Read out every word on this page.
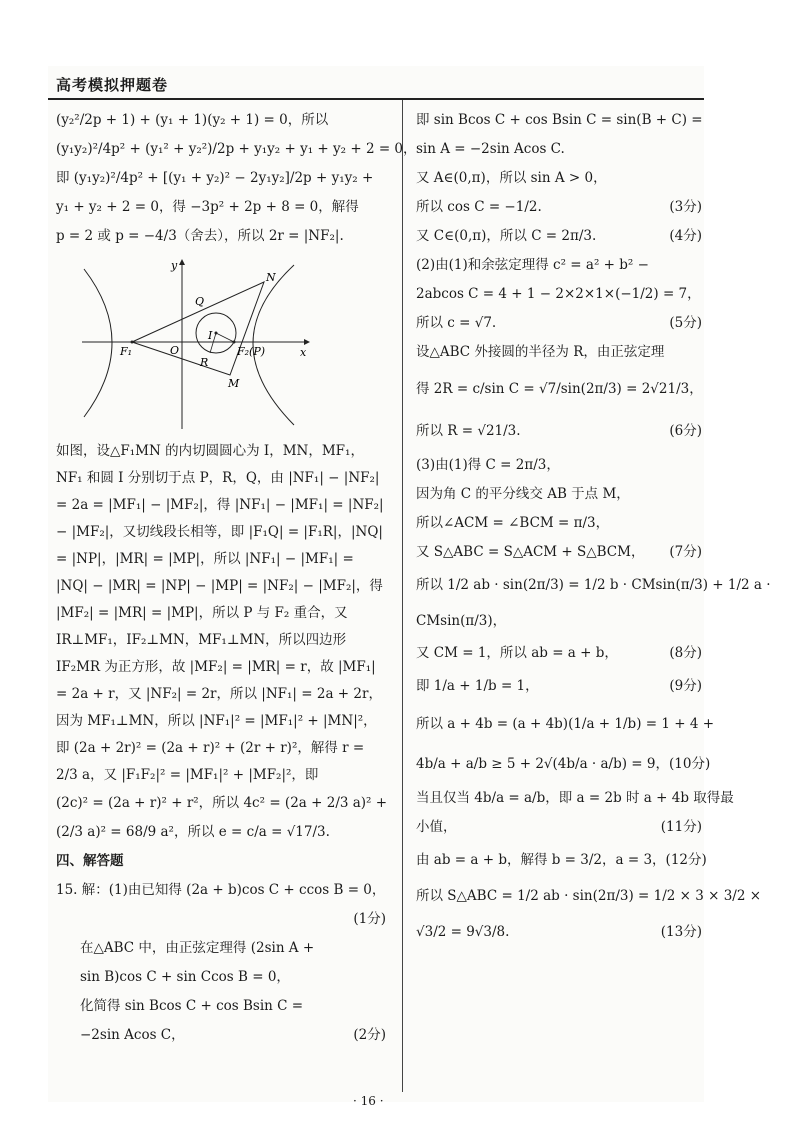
高考模拟押题卷
(y₂²/2p + 1) + (y₁ + 1)(y₂ + 1) = 0，所以
(y₁y₂)²/4p² + (y₁² + y₂²)/2p + y₁y₂ + y₁ + y₂ + 2 = 0，
即 (y₁y₂)²/4p² + [(y₁ + y₂)² − 2y₁y₂]/2p + y₁y₂ +
y₁ + y₂ + 2 = 0，得 −3p² + 2p + 8 = 0，解得
p = 2 或 p = −4/3（舍去），所以 2r = |NF₂|.
y
x
O
I
F₁	F₂(P)
Q
N
R
M
如图，设△F₁MN 的内切圆圆心为 I，MN，MF₁，NF₁ 和圆 I 分别切于点 P，R，Q，由 |NF₁| − |NF₂| = 2a = |MF₁| − |MF₂|，得 |NF₁| − |MF₁| = |NF₂| − |MF₂|，又切线段长相等，即 |F₁Q| = |F₁R|，|NQ| = |NP|，|MR| = |MP|，所以 |NF₁| − |MF₁| = |NQ| − |MR| = |NP| − |MP| = |NF₂| − |MF₂|，得 |MF₂| = |MR| = |MP|，所以 P 与 F₂ 重合，又 IR⊥MF₁，IF₂⊥MN，MF₁⊥MN，所以四边形 IF₂MR 为正方形，故 |MF₂| = |MR| = r，故 |MF₁| = 2a + r，又 |NF₂| = 2r，所以 |NF₁| = 2a + 2r，因为 MF₁⊥MN，所以 |NF₁|² = |MF₁|² + |MN|²，即 (2a + 2r)² = (2a + r)² + (2r + r)²，解得 r = 2/3 a，又 |F₁F₂|² = |MF₁|² + |MF₂|²，即
(2c)² = (2a + r)² + r²，所以 4c² = (2a + 2/3 a)² +
(2/3 a)² = 68/9 a²，所以 e = c/a = √17/3.
四、解答题
15. 解：(1)由已知得 (2a + b)cos C + ccos B = 0，
(1分)
在△ABC 中，由正弦定理得 (2sin A +
sin B)cos C + sin Ccos B = 0，
化简得 sin Bcos C + cos Bsin C =
−2sin Acos C，	(2分)
即 sin Bcos C + cos Bsin C = sin(B + C) =
sin A = −2sin Acos C.
又 A∈(0,π)，所以 sin A > 0，
所以 cos C = −1/2.	(3分)
又 C∈(0,π)，所以 C = 2π/3.	(4分)
(2)由(1)和余弦定理得 c² = a² + b² −
2abcos C = 4 + 1 − 2×2×1×(−1/2) = 7，
所以 c = √7.	(5分)
设△ABC 外接圆的半径为 R，由正弦定理
得 2R = c/sin C = √7/sin(2π/3) = 2√21/3，
所以 R = √21/3.	(6分)
(3)由(1)得 C = 2π/3，
因为角 C 的平分线交 AB 于点 M，
所以∠ACM = ∠BCM = π/3，
又 S△ABC = S△ACM + S△BCM， (7分)
所以 1/2 ab · sin(2π/3) = 1/2 b · CMsin(π/3) + 1/2 a ·
CMsin(π/3)，
又 CM = 1，所以 ab = a + b，	(8分)
即 1/a + 1/b = 1，	(9分)
所以 a + 4b = (a + 4b)(1/a + 1/b) = 1 + 4 +
4b/a + a/b ≥ 5 + 2√(4b/a · a/b) = 9， (10分)
当且仅当 4b/a = a/b，即 a = 2b 时 a + 4b 取得最
小值，	(11分)
由 ab = a + b，解得 b = 3/2，a = 3， (12分)
所以 S△ABC = 1/2 ab · sin(2π/3) = 1/2 × 3 × 3/2 ×
√3/2 = 9√3/8.	(13分)
· 16 ·
